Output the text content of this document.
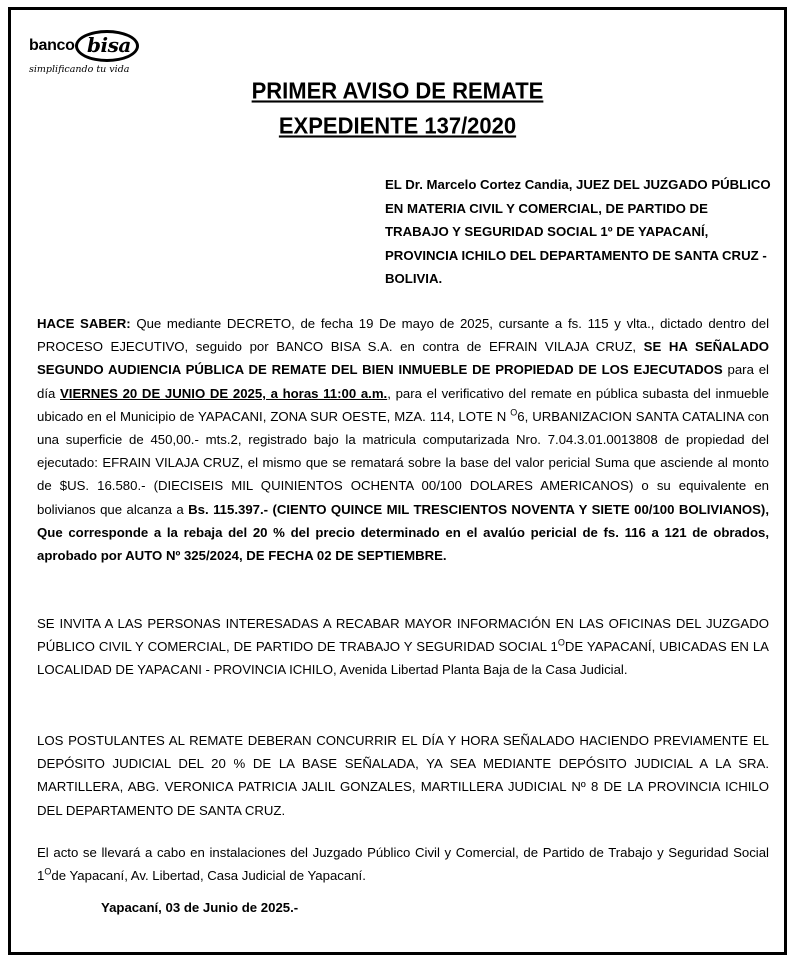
banco bisa
simplificando tu vida
PRIMER AVISO DE REMATE
EXPEDIENTE 137/2020
EL Dr. Marcelo Cortez Candia, JUEZ DEL JUZGADO PÚBLICO EN MATERIA CIVIL Y COMERCIAL, DE PARTIDO DE TRABAJO Y SEGURIDAD SOCIAL 1º DE YAPACANÍ, PROVINCIA ICHILO DEL DEPARTAMENTO DE SANTA CRUZ - BOLIVIA.
HACE SABER: Que mediante DECRETO, de fecha 19 De mayo de 2025, cursante a fs. 115 y vlta., dictado dentro del PROCESO EJECUTIVO, seguido por BANCO BISA S.A. en contra de EFRAIN VILAJA CRUZ, SE HA SEÑALADO SEGUNDO AUDIENCIA PÚBLICA DE REMATE DEL BIEN INMUEBLE DE PROPIEDAD DE LOS EJECUTADOS para el día VIERNES 20 DE JUNIO DE 2025, a horas 11:00 a.m., para el verificativo del remate en pública subasta del inmueble ubicado en el Municipio de YAPACANI, ZONA SUR OESTE, MZA. 114, LOTE N $^O$6, URBANIZACION SANTA CATALINA con una superficie de 450,00.- mts.2, registrado bajo la matricula computarizada Nro. 7.04.3.01.0013808 de propiedad del ejecutado: EFRAIN VILAJA CRUZ, el mismo que se rematará sobre la base del valor pericial Suma que asciende al monto de $US. 16.580.- (DIECISEIS MIL QUINIENTOS OCHENTA 00/100 DOLARES AMERICANOS) o su equivalente en bolivianos que alcanza a Bs. 115.397.- (CIENTO QUINCE MIL TRESCIENTOS NOVENTA Y SIETE 00/100 BOLIVIANOS), Que corresponde a la rebaja del 20 % del precio determinado en el avalúo pericial de fs. 116 a 121 de obrados, aprobado por AUTO Nº 325/2024, DE FECHA 02 DE SEPTIEMBRE.
SE INVITA A LAS PERSONAS INTERESADAS A RECABAR MAYOR INFORMACIÓN EN LAS OFICINAS DEL JUZGADO PÚBLICO CIVIL Y COMERCIAL, DE PARTIDO DE TRABAJO Y SEGURIDAD SOCIAL $1^ODE$ YAPACANÍ, UBICADAS EN LA LOCALIDAD DE YAPACANI - PROVINCIA ICHILO, Avenida Libertad Planta Baja de la Casa Judicial.
LOS POSTULANTES AL REMATE DEBERAN CONCURRIR EL DÍA Y HORA SEÑALADO HACIENDO PREVIAMENTE EL DEPÓSITO JUDICIAL DEL 20 % DE LA BASE SEÑALADA, YA SEA MEDIANTE DEPÓSITO JUDICIAL A LA SRA. MARTILLERA, ABG. VERONICA PATRICIA JALIL GONZALES, MARTILLERA JUDICIAL Nº 8 DE LA PROVINCIA ICHILO DEL DEPARTAMENTO DE SANTA CRUZ.
El acto se llevará a cabo en instalaciones del Juzgado Público Civil y Comercial, de Partido de Trabajo y Seguridad Social $1^Ode$ Yapacaní, Av. Libertad, Casa Judicial de Yapacaní.
Yapacaní, 03 de Junio de 2025.-
